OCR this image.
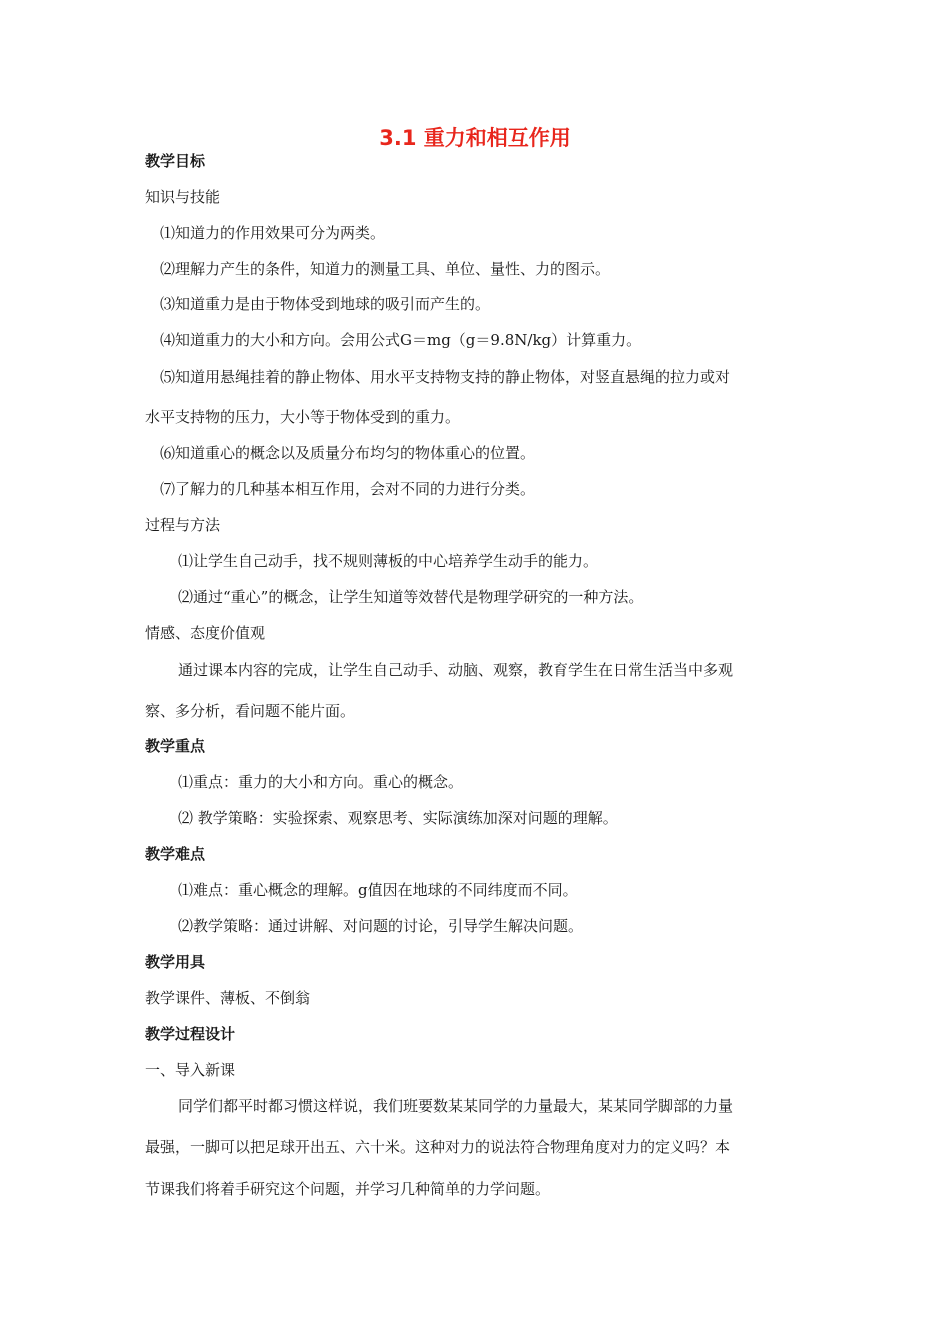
3.1 重力和相互作用
教学目标
知识与技能
⑴知道力的作用效果可分为两类。
⑵理解力产生的条件，知道力的测量工具、单位、量性、力的图示。
⑶知道重力是由于物体受到地球的吸引而产生的。
⑷知道重力的大小和方向。会用公式G＝mg（g＝9.8N/kg）计算重力。
⑸知道用悬绳挂着的静止物体、用水平支持物支持的静止物体，对竖直悬绳的拉力或对
水平支持物的压力，大小等于物体受到的重力。
⑹知道重心的概念以及质量分布均匀的物体重心的位置。
⑺了解力的几种基本相互作用，会对不同的力进行分类。
过程与方法
⑴让学生自己动手，找不规则薄板的中心培养学生动手的能力。
⑵通过“重心”的概念，让学生知道等效替代是物理学研究的一种方法。
情感、态度价值观
通过课本内容的完成，让学生自己动手、动脑、观察，教育学生在日常生活当中多观
察、多分析，看问题不能片面。
教学重点
⑴重点：重力的大小和方向。重心的概念。
⑵ 教学策略：实验探索、观察思考、实际演练加深对问题的理解。
教学难点
⑴难点：重心概念的理解。g值因在地球的不同纬度而不同。
⑵教学策略：通过讲解、对问题的讨论，引导学生解决问题。
教学用具
教学课件、薄板、不倒翁
教学过程设计
一、导入新课
同学们都平时都习惯这样说，我们班要数某某同学的力量最大，某某同学脚部的力量
最强，一脚可以把足球开出五、六十米。这种对力的说法符合物理角度对力的定义吗？本
节课我们将着手研究这个问题，并学习几种简单的力学问题。
